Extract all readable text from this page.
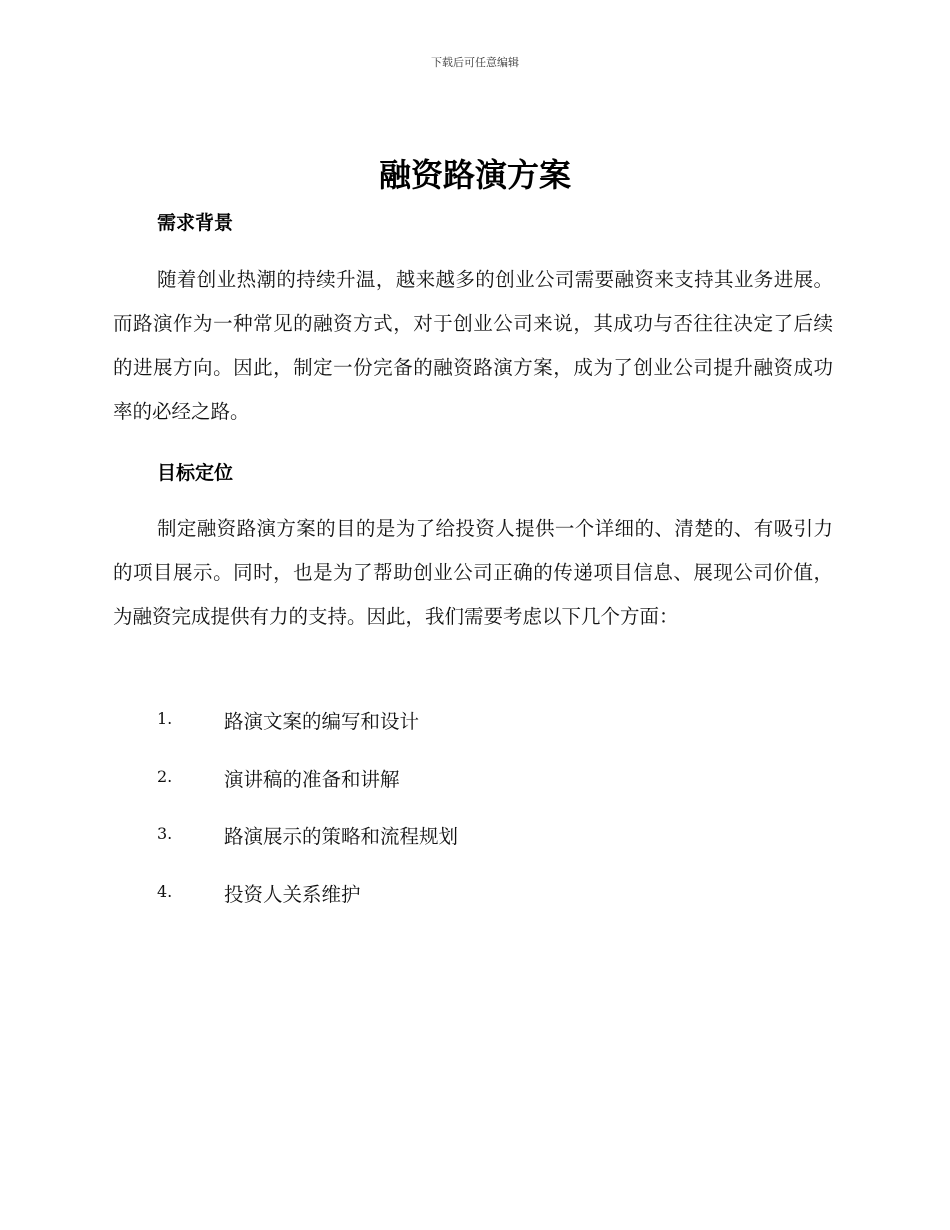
下载后可任意编辑
融资路演方案
需求背景

随着创业热潮的持续升温，越来越多的创业公司需要融资来支持其业务进展。而路演作为一种常见的融资方式，对于创业公司来说，其成功与否往往决定了后续的进展方向。因此，制定一份完备的融资路演方案，成为了创业公司提升融资成功率的必经之路。

目标定位

制定融资路演方案的目的是为了给投资人提供一个详细的、清楚的、有吸引力的项目展示。同时，也是为了帮助创业公司正确的传递项目信息、展现公司价值，为融资完成提供有力的支持。因此，我们需要考虑以下几个方面：

1.	路演文案的编写和设计
2.	演讲稿的准备和讲解
3.	路演展示的策略和流程规划
4.	投资人关系维护
